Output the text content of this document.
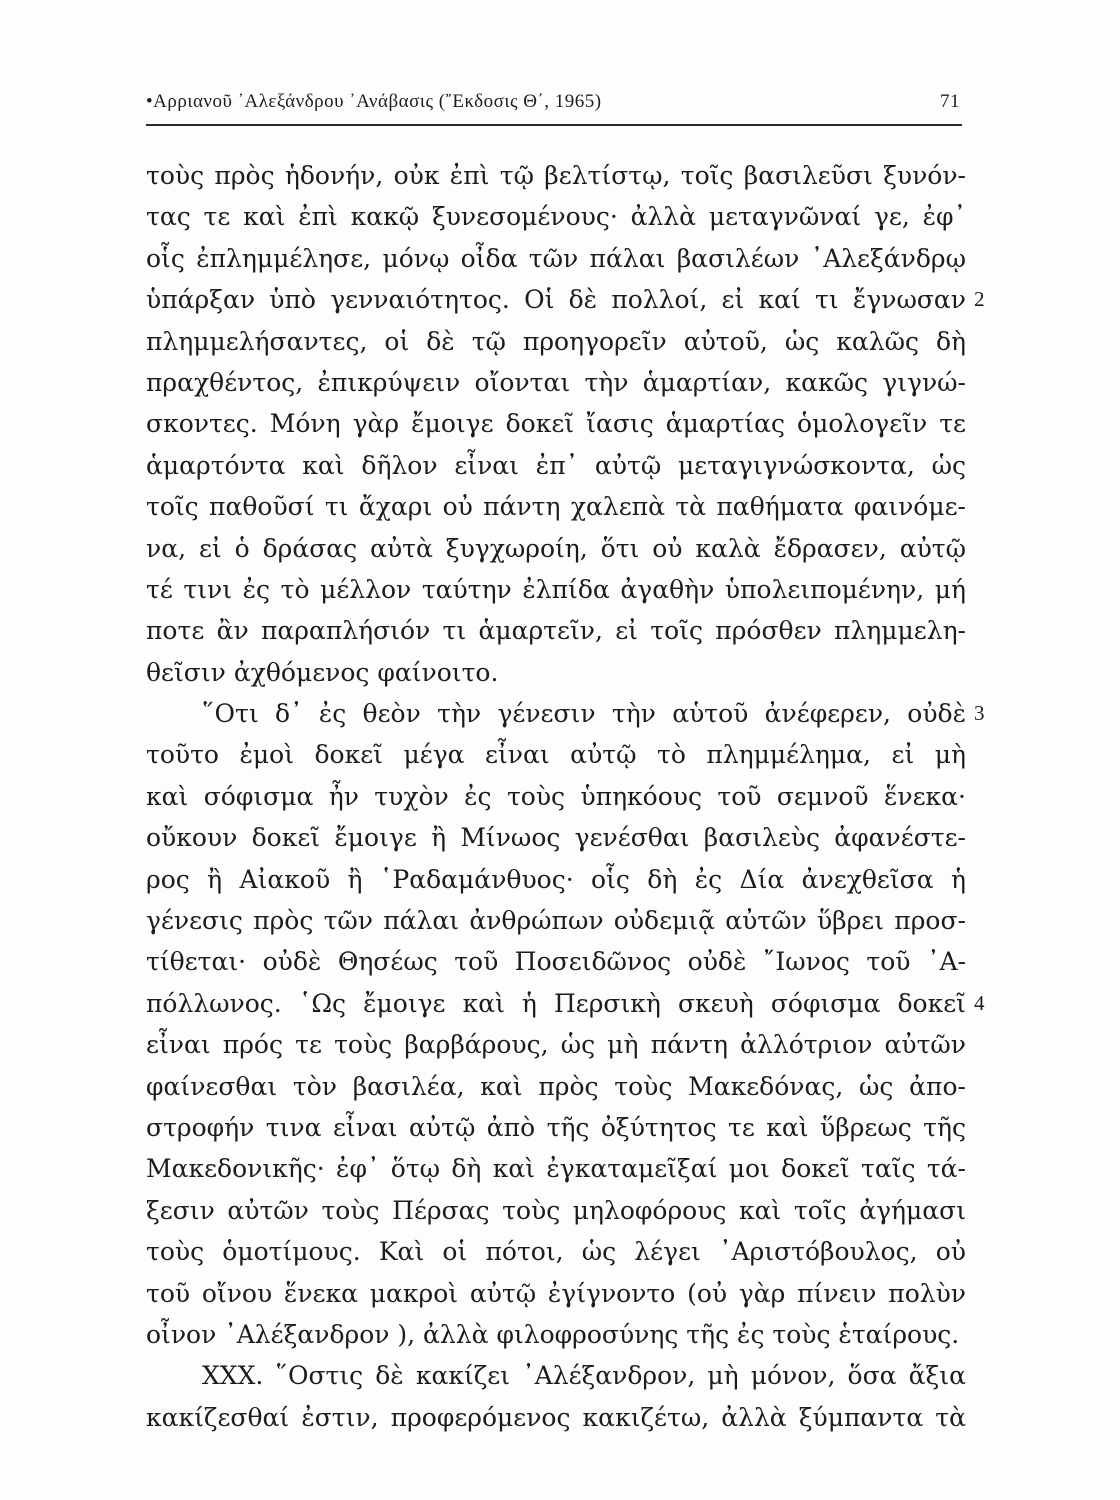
•Αρριανοῦ ᾿Αλεξάνδρου ᾿Ανάβασις (῎Εκδοσις Θ΄, 1965)	71
τοὺς πρὸς ἡδονήν, οὐκ ἐπὶ τῷ βελτίστῳ, τοῖς βασιλεῦσι ξυνόν-
τας τε καὶ ἐπὶ κακῷ ξυνεσομένους· ἀλλὰ μεταγνῶναί γε, ἐφ᾿
οἷς ἐπλημμέλησε, μόνῳ οἶδα τῶν πάλαι βασιλέων ᾿Αλεξάνδρῳ
ὑπάρξαν ὑπὸ γενναιότητος. Οἱ δὲ πολλοί, εἰ καί τι ἔγνωσαν
πλημμελήσαντες, οἱ δὲ τῷ προηγορεῖν αὐτοῦ, ὡς καλῶς δὴ
πραχθέντος, ἐπικρύψειν οἴονται τὴν ἁμαρτίαν, κακῶς γιγνώ-
σκοντες. Μόνη γὰρ ἔμοιγε δοκεῖ ἴασις ἁμαρτίας ὁμολογεῖν τε
ἁμαρτόντα καὶ δῆλον εἶναι ἐπ᾿ αὐτῷ μεταγιγνώσκοντα, ὡς
τοῖς παθοῦσί τι ἄχαρι οὐ πάντη χαλεπὰ τὰ παθήματα φαινόμε-
να, εἰ ὁ δράσας αὐτὰ ξυγχωροίη, ὅτι οὐ καλὰ ἔδρασεν, αὐτῷ
τέ τινι ἐς τὸ μέλλον ταύτην ἐλπίδα ἀγαθὴν ὑπολειπομένην, μή
ποτε ἂν παραπλήσιόν τι ἁμαρτεῖν, εἰ τοῖς πρόσθεν πλημμελη-
θεῖσιν ἀχθόμενος φαίνοιτο.
῞Οτι δ᾿ ἐς θεὸν τὴν γένεσιν τὴν αὑτοῦ ἀνέφερεν, οὐδὲ
τοῦτο ἐμοὶ δοκεῖ μέγα εἶναι αὐτῷ τὸ πλημμέλημα, εἰ μὴ
καὶ σόφισμα ἦν τυχὸν ἐς τοὺς ὑπηκόους τοῦ σεμνοῦ ἕνεκα·
οὔκουν δοκεῖ ἔμοιγε ἢ Μίνωος γενέσθαι βασιλεὺς ἀφανέστε-
ρος ἢ Αἰακοῦ ἢ ῾Ραδαμάνθυος· οἷς δὴ ἐς Δία ἀνεχθεῖσα ἡ
γένεσις πρὸς τῶν πάλαι ἀνθρώπων οὐδεμιᾷ αὐτῶν ὕβρει προσ-
τίθεται· οὐδὲ Θησέως τοῦ Ποσειδῶνος οὐδὲ ῎Ιωνος τοῦ ᾿Α-
πόλλωνος. ῾Ως ἔμοιγε καὶ ἡ Περσικὴ σκευὴ σόφισμα δοκεῖ
εἶναι πρός τε τοὺς βαρβάρους, ὡς μὴ πάντη ἀλλότριον αὐτῶν
φαίνεσθαι τὸν βασιλέα, καὶ πρὸς τοὺς Μακεδόνας, ὡς ἀπο-
στροφήν τινα εἶναι αὐτῷ ἀπὸ τῆς ὀξύτητος τε καὶ ὕβρεως τῆς
Μακεδονικῆς· ἐφ᾿ ὅτῳ δὴ καὶ ἐγκαταμεῖξαί μοι δοκεῖ ταῖς τά-
ξεσιν αὐτῶν τοὺς Πέρσας τοὺς μηλοφόρους καὶ τοῖς ἀγήμασι
τοὺς ὁμοτίμους. Καὶ οἱ πότοι, ὡς λέγει ᾿Αριστόβουλος, οὐ
τοῦ οἴνου ἕνεκα μακροὶ αὐτῷ ἐγίγνοντο (οὐ γὰρ πίνειν πολὺν
οἶνον ᾿Αλέξανδρον ), ἀλλὰ φιλοφροσύνης τῆς ἐς τοὺς ἑταίρους.
XXX. ῞Οστις δὲ κακίζει ᾿Αλέξανδρον, μὴ μόνον, ὅσα ἄξια
κακίζεσθαί ἐστιν, προφερόμενος κακιζέτω, ἀλλὰ ξύμπαντα τὰ
2
3
4
